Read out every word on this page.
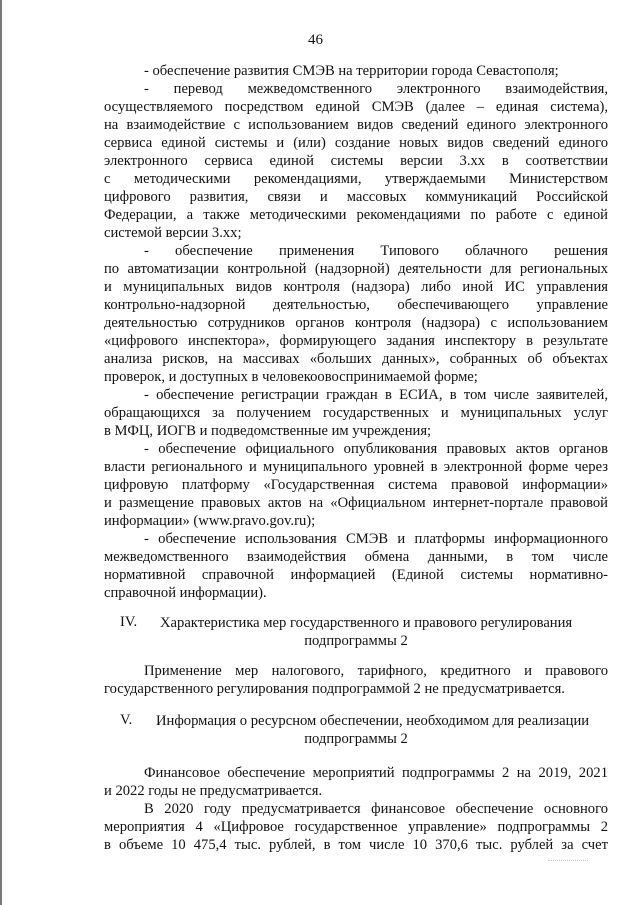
46
- обеспечение развития СМЭВ на территории города Севастополя;
- перевод межведомственного электронного взаимодействия,
осуществляемого посредством единой СМЭВ (далее – единая система),
на взаимодействие с использованием видов сведений единого электронного
сервиса единой системы и (или) создание новых видов сведений единого
электронного сервиса единой системы версии 3.хх в соответствии
с методическими рекомендациями, утверждаемыми Министерством
цифрового развития, связи и массовых коммуникаций Российской
Федерации, а также методическими рекомендациями по работе с единой
системой версии 3.хх;
- обеспечение применения Типового облачного решения
по автоматизации контрольной (надзорной) деятельности для региональных
и муниципальных видов контроля (надзора) либо иной ИС управления
контрольно-надзорной деятельностью, обеспечивающего управление
деятельностью сотрудников органов контроля (надзора) с использованием
«цифрового инспектора», формирующего задания инспектору в результате
анализа рисков, на массивах «больших данных», собранных об объектах
проверок, и доступных в человекоовоспринимаемой форме;
- обеспечение регистрации граждан в ЕСИА, в том числе заявителей,
обращающихся за получением государственных и муниципальных услуг
в МФЦ, ИОГВ и подведомственные им учреждения;
- обеспечение официального опубликования правовых актов органов
власти регионального и муниципального уровней в электронной форме через
цифровую платформу «Государственная система правовой информации»
и размещение правовых актов на «Официальном интернет-портале правовой
информации» (www.pravo.gov.ru);
- обеспечение использования СМЭВ и платформы информационного
межведомственного взаимодействия обмена данными, в том числе
нормативной справочной информацией (Единой системы нормативно-
справочной информации).
IV. Характеристика мер государственного и правового регулирования
подпрограммы 2
Применение мер налогового, тарифного, кредитного и правового
государственного регулирования подпрограммой 2 не предусматривается.
V. Информация о ресурсном обеспечении, необходимом для реализации
подпрограммы 2
Финансовое обеспечение мероприятий подпрограммы 2 на 2019, 2021
и 2022 годы не предусматривается.
В 2020 году предусматривается финансовое обеспечение основного
мероприятия 4 «Цифровое государственное управление» подпрограммы 2
в объеме 10 475,4 тыс. рублей, в том числе 10 370,6 тыс. рублей за счет
